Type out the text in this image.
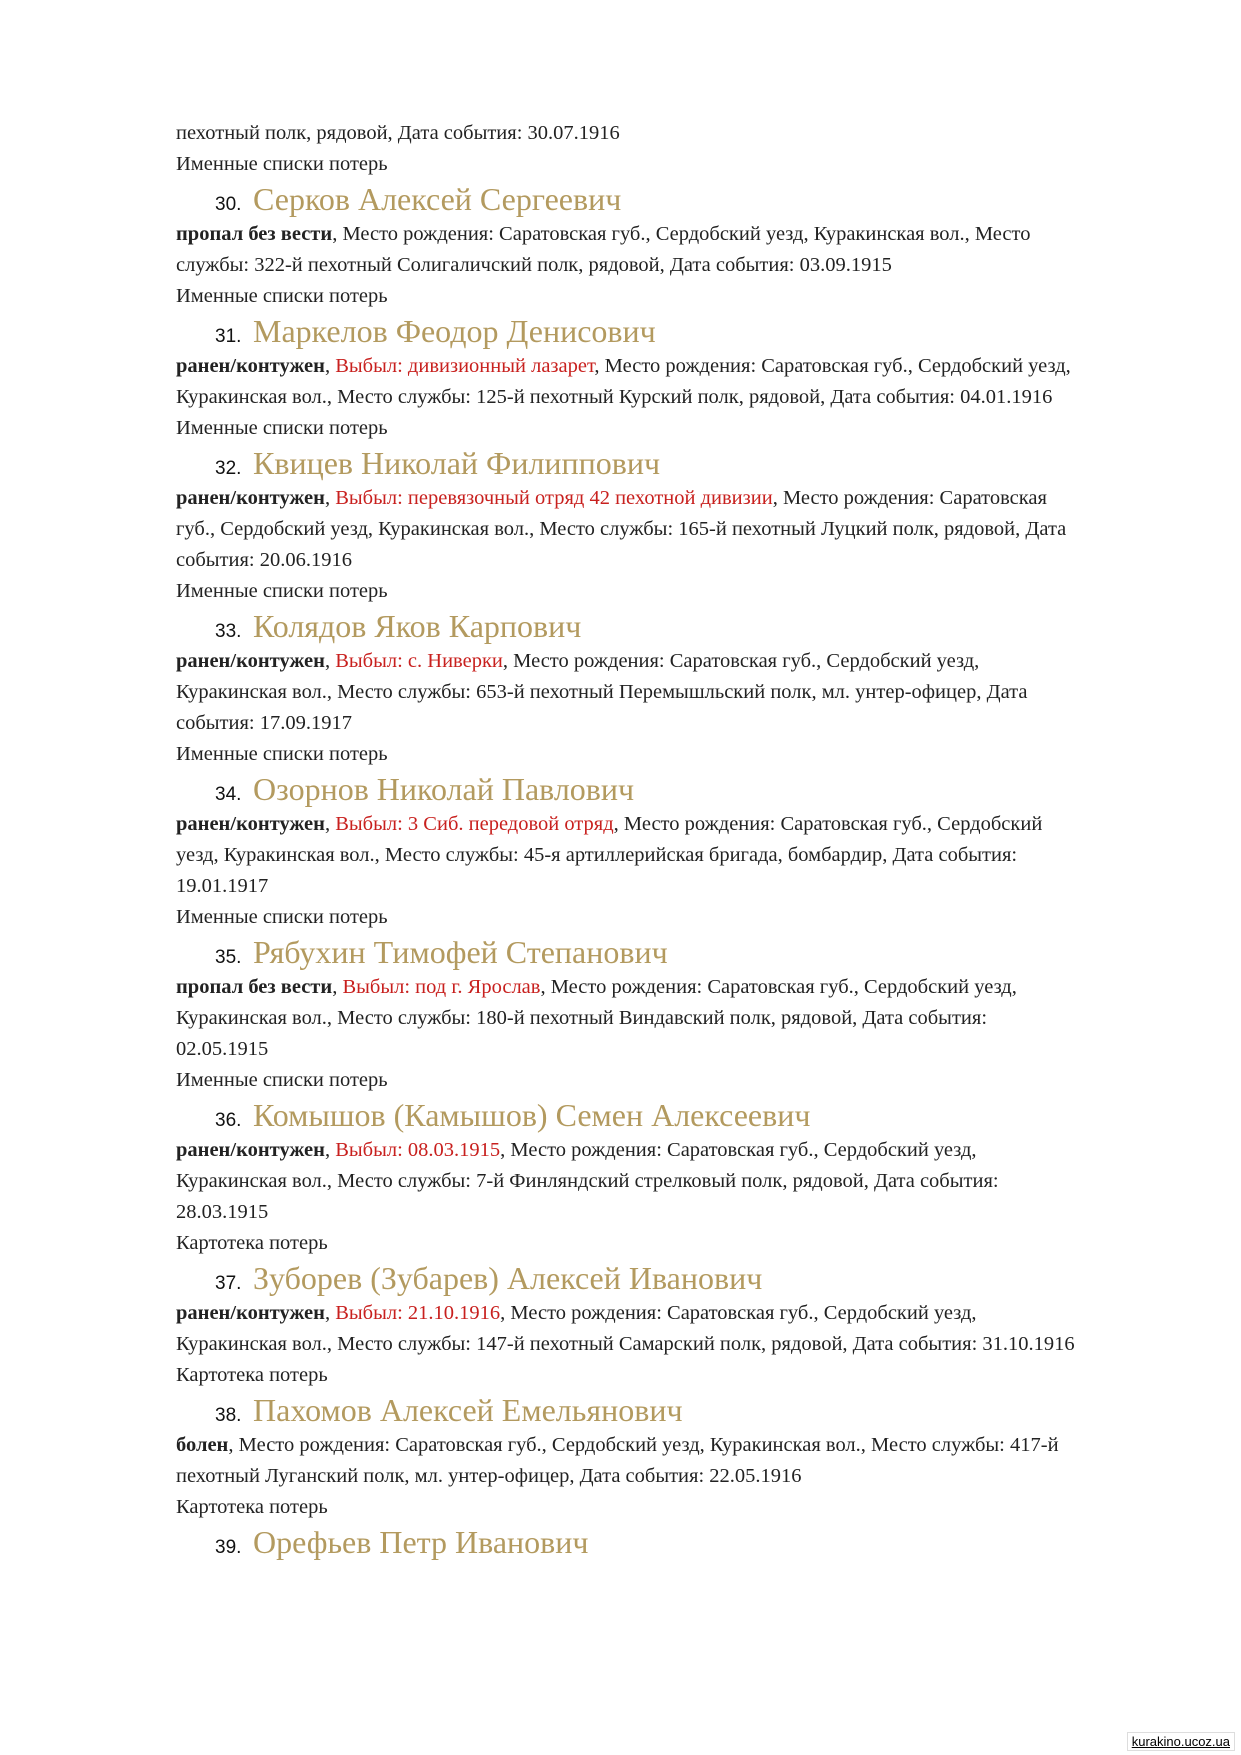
пехотный полк, рядовой, Дата события: 30.07.1916
Именные списки потерь
30. Серков Алексей Сергеевич
пропал без вести, Место рождения: Саратовская губ., Сердобский уезд, Куракинская вол., Место
службы: 322-й пехотный Солигаличский полк, рядовой, Дата события: 03.09.1915
Именные списки потерь
31. Маркелов Феодор Денисович
ранен/контужен, Выбыл: дивизионный лазарет, Место рождения: Саратовская губ., Сердобский уезд,
Куракинская вол., Место службы: 125-й пехотный Курский полк, рядовой, Дата события: 04.01.1916
Именные списки потерь
32. Квицев Николай Филиппович
ранен/контужен, Выбыл: перевязочный отряд 42 пехотной дивизии, Место рождения: Саратовская
губ., Сердобский уезд, Куракинская вол., Место службы: 165-й пехотный Луцкий полк, рядовой, Дата
события: 20.06.1916
Именные списки потерь
33. Колядов Яков Карпович
ранен/контужен, Выбыл: с. Ниверки, Место рождения: Саратовская губ., Сердобский уезд,
Куракинская вол., Место службы: 653-й пехотный Перемышльский полк, мл. унтер-офицер, Дата
события: 17.09.1917
Именные списки потерь
34. Озорнов Николай Павлович
ранен/контужен, Выбыл: 3 Сиб. передовой отряд, Место рождения: Саратовская губ., Сердобский
уезд, Куракинская вол., Место службы: 45-я артиллерийская бригада, бомбардир, Дата события:
19.01.1917
Именные списки потерь
35. Рябухин Тимофей Степанович
пропал без вести, Выбыл: под г. Ярослав, Место рождения: Саратовская губ., Сердобский уезд,
Куракинская вол., Место службы: 180-й пехотный Виндавский полк, рядовой, Дата события:
02.05.1915
Именные списки потерь
36. Комышов (Камышов) Семен Алексеевич
ранен/контужен, Выбыл: 08.03.1915, Место рождения: Саратовская губ., Сердобский уезд,
Куракинская вол., Место службы: 7-й Финляндский стрелковый полк, рядовой, Дата события:
28.03.1915
Картотека потерь
37. Зуборев (Зубарев) Алексей Иванович
ранен/контужен, Выбыл: 21.10.1916, Место рождения: Саратовская губ., Сердобский уезд,
Куракинская вол., Место службы: 147-й пехотный Самарский полк, рядовой, Дата события: 31.10.1916
Картотека потерь
38. Пахомов Алексей Емельянович
болен, Место рождения: Саратовская губ., Сердобский уезд, Куракинская вол., Место службы: 417-й
пехотный Луганский полк, мл. унтер-офицер, Дата события: 22.05.1916
Картотека потерь
39. Орефьев Петр Иванович
kurakino.ucoz.ua
